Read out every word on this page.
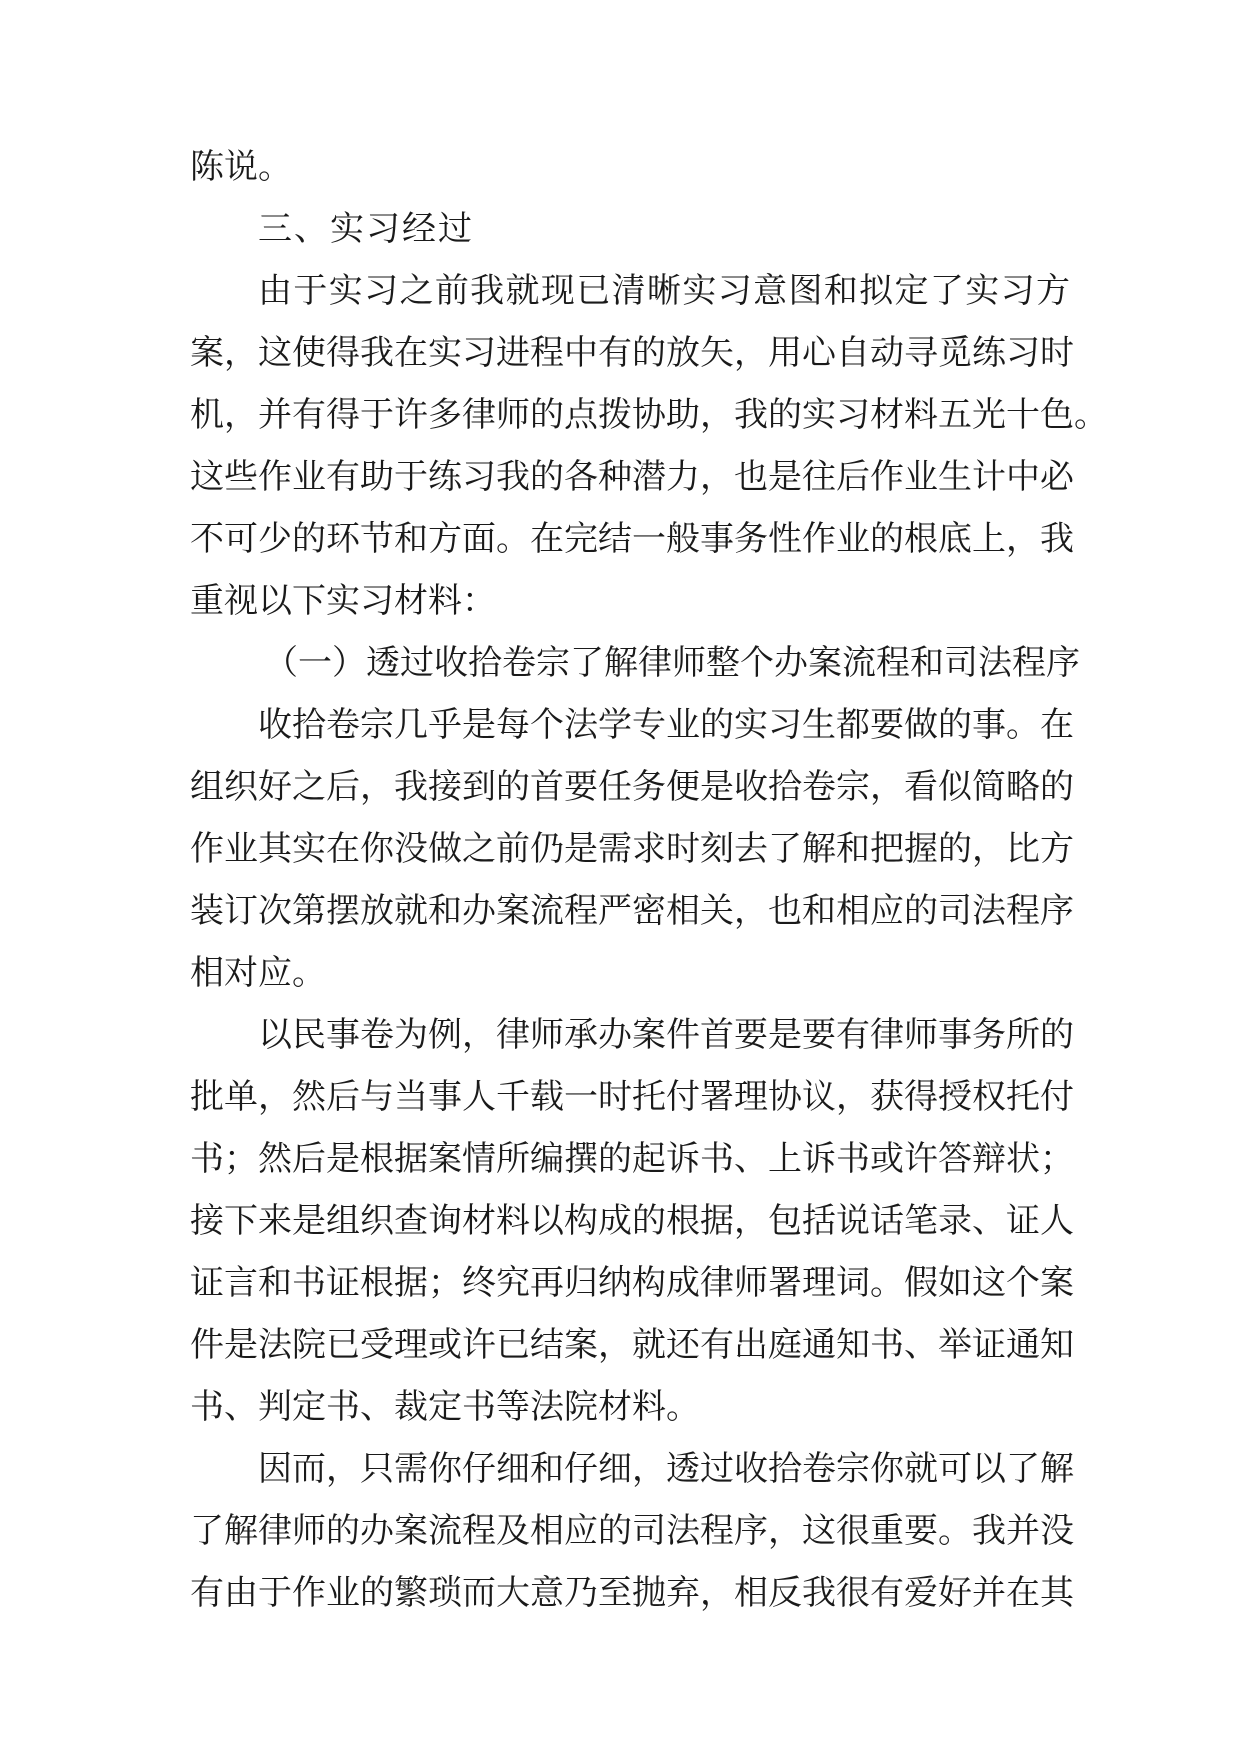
陈说。
三、实习经过
由于实习之前我就现已清晰实习意图和拟定了实习方
案，这使得我在实习进程中有的放矢，用心自动寻觅练习时
机，并有得于许多律师的点拨协助，我的实习材料五光十色。
这些作业有助于练习我的各种潜力，也是往后作业生计中必
不可少的环节和方面。在完结一般事务性作业的根底上，我
重视以下实习材料：
（一）透过收拾卷宗了解律师整个办案流程和司法程序
收拾卷宗几乎是每个法学专业的实习生都要做的事。在
组织好之后，我接到的首要任务便是收拾卷宗，看似简略的
作业其实在你没做之前仍是需求时刻去了解和把握的，比方
装订次第摆放就和办案流程严密相关，也和相应的司法程序
相对应。
以民事卷为例，律师承办案件首要是要有律师事务所的
批单，然后与当事人千载一时托付署理协议，获得授权托付
书；然后是根据案情所编撰的起诉书、上诉书或许答辩状；
接下来是组织查询材料以构成的根据，包括说话笔录、证人
证言和书证根据；终究再归纳构成律师署理词。假如这个案
件是法院已受理或许已结案，就还有出庭通知书、举证通知
书、判定书、裁定书等法院材料。
因而，只需你仔细和仔细，透过收拾卷宗你就可以了解
了解律师的办案流程及相应的司法程序，这很重要。我并没
有由于作业的繁琐而大意乃至抛弃，相反我很有爱好并在其
